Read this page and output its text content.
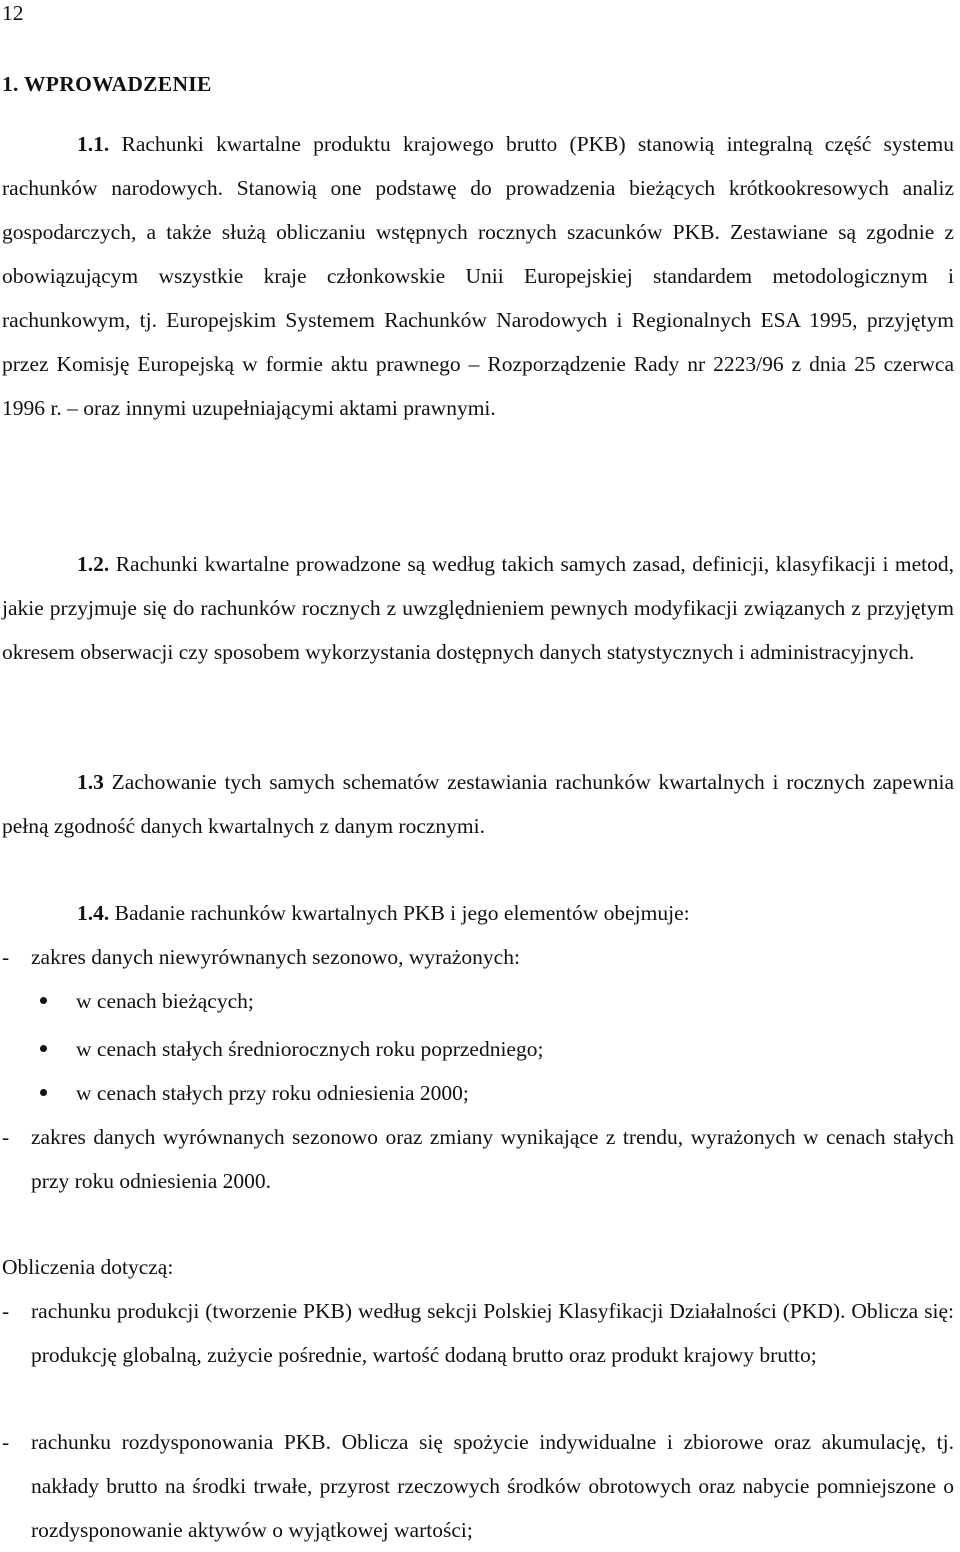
12
1. WPROWADZENIE
1.1. Rachunki kwartalne produktu krajowego brutto (PKB) stanowią integralną część systemu rachunków narodowych. Stanowią one podstawę do prowadzenia bieżących krótkookresowych analiz gospodarczych, a także służą obliczaniu wstępnych rocznych szacunków PKB. Zestawiane są zgodnie z obowiązującym wszystkie kraje członkowskie Unii Europejskiej standardem metodologicznym i rachunkowym, tj. Europejskim Systemem Rachunków Narodowych i Regionalnych ESA 1995, przyjętym przez Komisję Europejską w formie aktu prawnego – Rozporządzenie Rady nr 2223/96 z dnia 25 czerwca 1996 r. – oraz innymi uzupełniającymi aktami prawnymi.
1.2. Rachunki kwartalne prowadzone są według takich samych zasad, definicji, klasyfikacji i metod, jakie przyjmuje się do rachunków rocznych z uwzględnieniem pewnych modyfikacji związanych z przyjętym okresem obserwacji czy sposobem wykorzystania dostępnych danych statystycznych i administracyjnych.
1.3 Zachowanie tych samych schematów zestawiania rachunków kwartalnych i rocznych zapewnia pełną zgodność danych kwartalnych z danym rocznymi.
1.4. Badanie rachunków kwartalnych PKB i jego elementów obejmuje:
- zakres danych niewyrównanych sezonowo, wyrażonych:
w cenach bieżących;
w cenach stałych średniorocznych roku poprzedniego;
w cenach stałych przy roku odniesienia 2000;
- zakres danych wyrównanych sezonowo oraz zmiany wynikające z trendu, wyrażonych w cenach stałych przy roku odniesienia 2000.
Obliczenia dotyczą:
- rachunku produkcji (tworzenie PKB) według sekcji Polskiej Klasyfikacji Działalności (PKD). Oblicza się: produkcję globalną, zużycie pośrednie, wartość dodaną brutto oraz produkt krajowy brutto;
- rachunku rozdysponowania PKB. Oblicza się spożycie indywidualne i zbiorowe oraz akumulację, tj. nakłady brutto na środki trwałe, przyrost rzeczowych środków obrotowych oraz nabycie pomniejszone o rozdysponowanie aktywów o wyjątkowej wartości;
